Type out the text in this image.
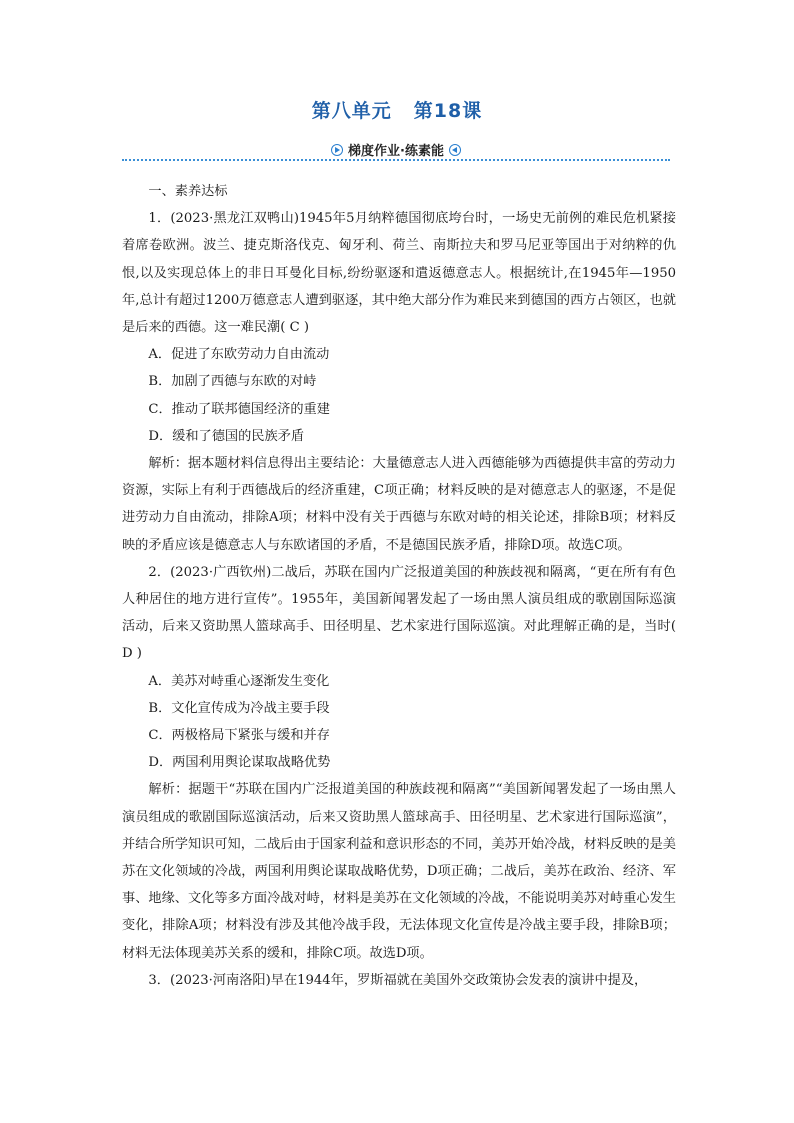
第八单元 第18课
梯度作业·练素能

一、素养达标

1．(2023·黑龙江双鸭山)1945年5月纳粹德国彻底垮台时，一场史无前例的难民危机紧接着席卷欧洲。波兰、捷克斯洛伐克、匈牙利、荷兰、南斯拉夫和罗马尼亚等国出于对纳粹的仇恨,以及实现总体上的非日耳曼化目标,纷纷驱逐和遣返德意志人。根据统计,在1945年—1950年,总计有超过1200万德意志人遭到驱逐，其中绝大部分作为难民来到德国的西方占领区，也就是后来的西德。这一难民潮( C )

A．促进了东欧劳动力自由流动

B．加剧了西德与东欧的对峙

C．推动了联邦德国经济的重建

D．缓和了德国的民族矛盾

解析：据本题材料信息得出主要结论：大量德意志人进入西德能够为西德提供丰富的劳动力资源，实际上有利于西德战后的经济重建，C项正确；材料反映的是对德意志人的驱逐，不是促进劳动力自由流动，排除A项；材料中没有关于西德与东欧对峙的相关论述，排除B项；材料反映的矛盾应该是德意志人与东欧诸国的矛盾，不是德国民族矛盾，排除D项。故选C项。

2．(2023·广西钦州)二战后，苏联在国内广泛报道美国的种族歧视和隔离，“更在所有有色人种居住的地方进行宣传”。1955年，美国新闻署发起了一场由黑人演员组成的歌剧国际巡演活动，后来又资助黑人篮球高手、田径明星、艺术家进行国际巡演。对此理解正确的是，当时( D )

A．美苏对峙重心逐渐发生变化

B．文化宣传成为冷战主要手段

C．两极格局下紧张与缓和并存

D．两国利用舆论谋取战略优势

解析：据题干“苏联在国内广泛报道美国的种族歧视和隔离”“美国新闻署发起了一场由黑人演员组成的歌剧国际巡演活动，后来又资助黑人篮球高手、田径明星、艺术家进行国际巡演”，并结合所学知识可知，二战后由于国家利益和意识形态的不同，美苏开始冷战，材料反映的是美苏在文化领域的冷战，两国利用舆论谋取战略优势，D项正确；二战后，美苏在政治、经济、军事、地缘、文化等多方面冷战对峙，材料是美苏在文化领域的冷战，不能说明美苏对峙重心发生变化，排除A项；材料没有涉及其他冷战手段，无法体现文化宣传是冷战主要手段，排除B项；材料无法体现美苏关系的缓和，排除C项。故选D项。

3．(2023·河南洛阳)早在1944年，罗斯福就在美国外交政策协会发表的演讲中提及，
